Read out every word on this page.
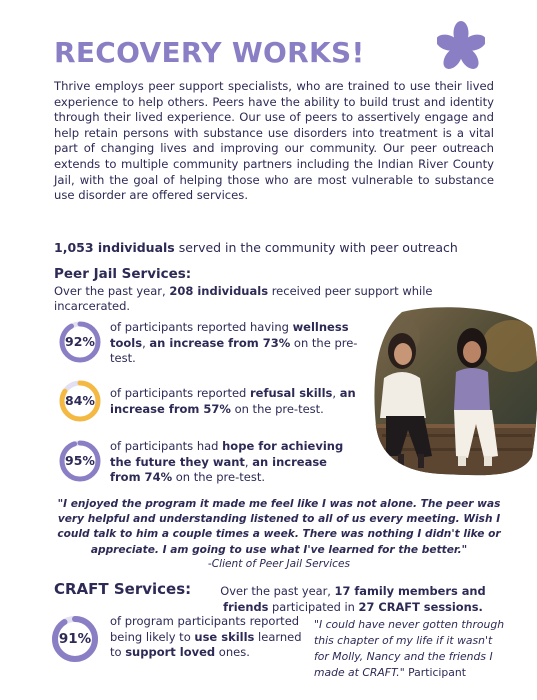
RECOVERY WORKS!

Thrive employs peer support specialists, who are trained to use their lived experience to help others. Peers have the ability to build trust and identity through their lived experience. Our use of peers to assertively engage and help retain persons with substance use disorders into treatment is a vital part of changing lives and improving our community. Our peer outreach extends to multiple community partners including the Indian River County Jail, with the goal of helping those who are most vulnerable to substance use disorder are offered services.

1,053 individuals served in the community with peer outreach

Peer Jail Services:

Over the past year, 208 individuals received peer support while incarcerated.

92%

of participants reported having wellness tools, an increase from 73% on the pre-test.

84%	of participants reported refusal skills, an increase from 57% on the pre-test.

95%

of participants had hope for achieving the future they want, an increase from 74% on the pre-test.

"I enjoyed the program it made me feel like I was not alone. The peer was very helpful and understanding listened to all of us every meeting. Wish I could talk to him a couple times a week. There was nothing I didn't like or appreciate. I am going to use what I've learned for the better."

-Client of Peer Jail Services

CRAFT Services:	Over the past year, 17 family members and friends participated in 27 CRAFT sessions.

91%

of program participants reported being likely to use skills learned to support loved ones.

"I could have never gotten through this chapter of my life if it wasn't for Molly, Nancy and the friends I made at CRAFT." Participant
